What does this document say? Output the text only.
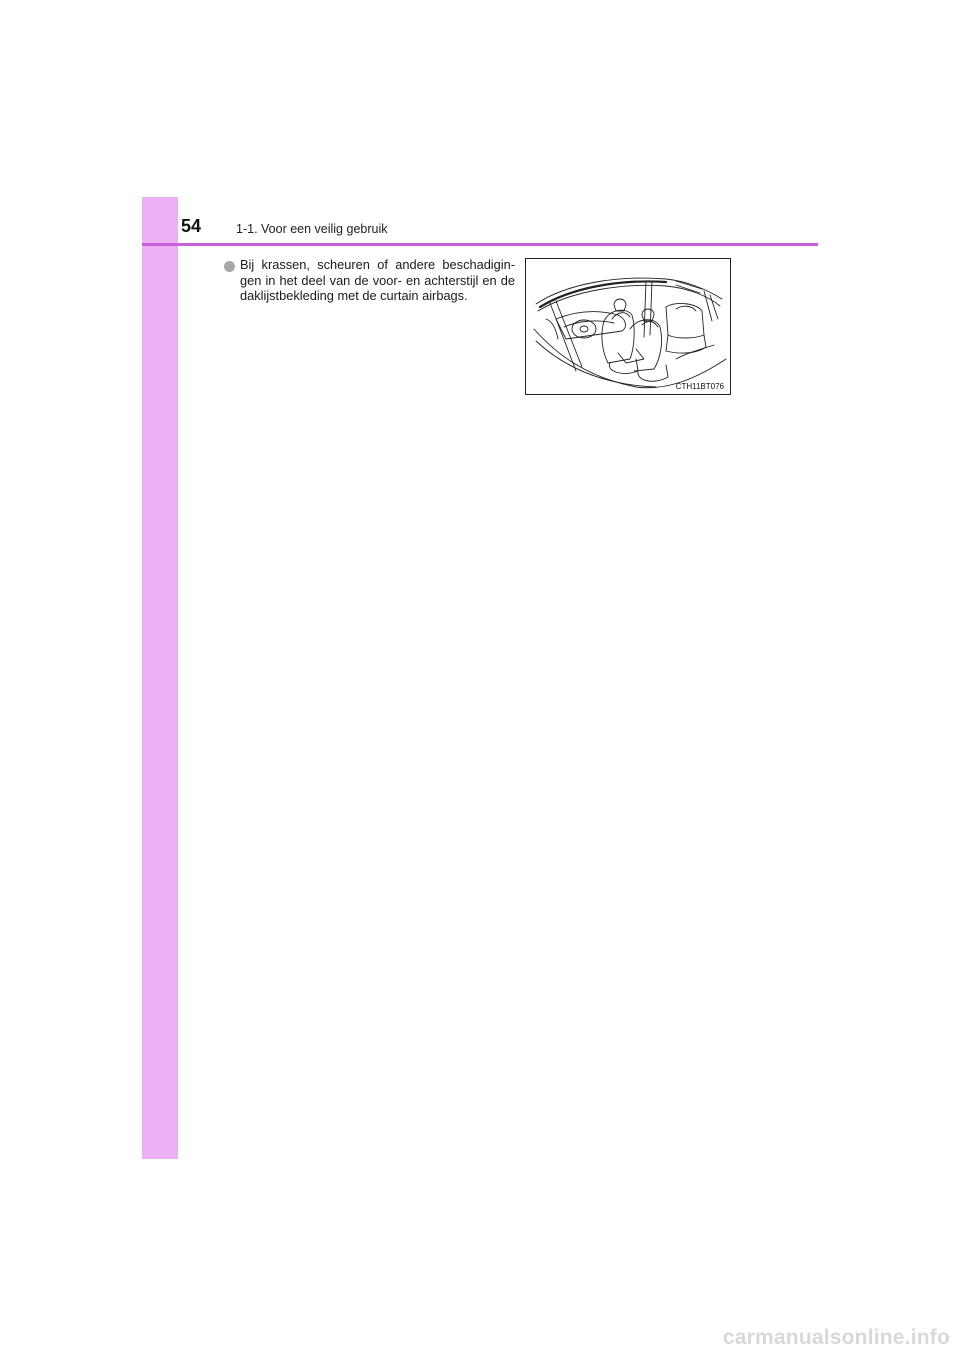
54	1-1. Voor een veilig gebruik
Bij krassen, scheuren of andere beschadigin-gen in het deel van de voor- en achterstijl en de daklijstbekleding met de curtain airbags.
CTH11BT076
carmanualsonline.info
